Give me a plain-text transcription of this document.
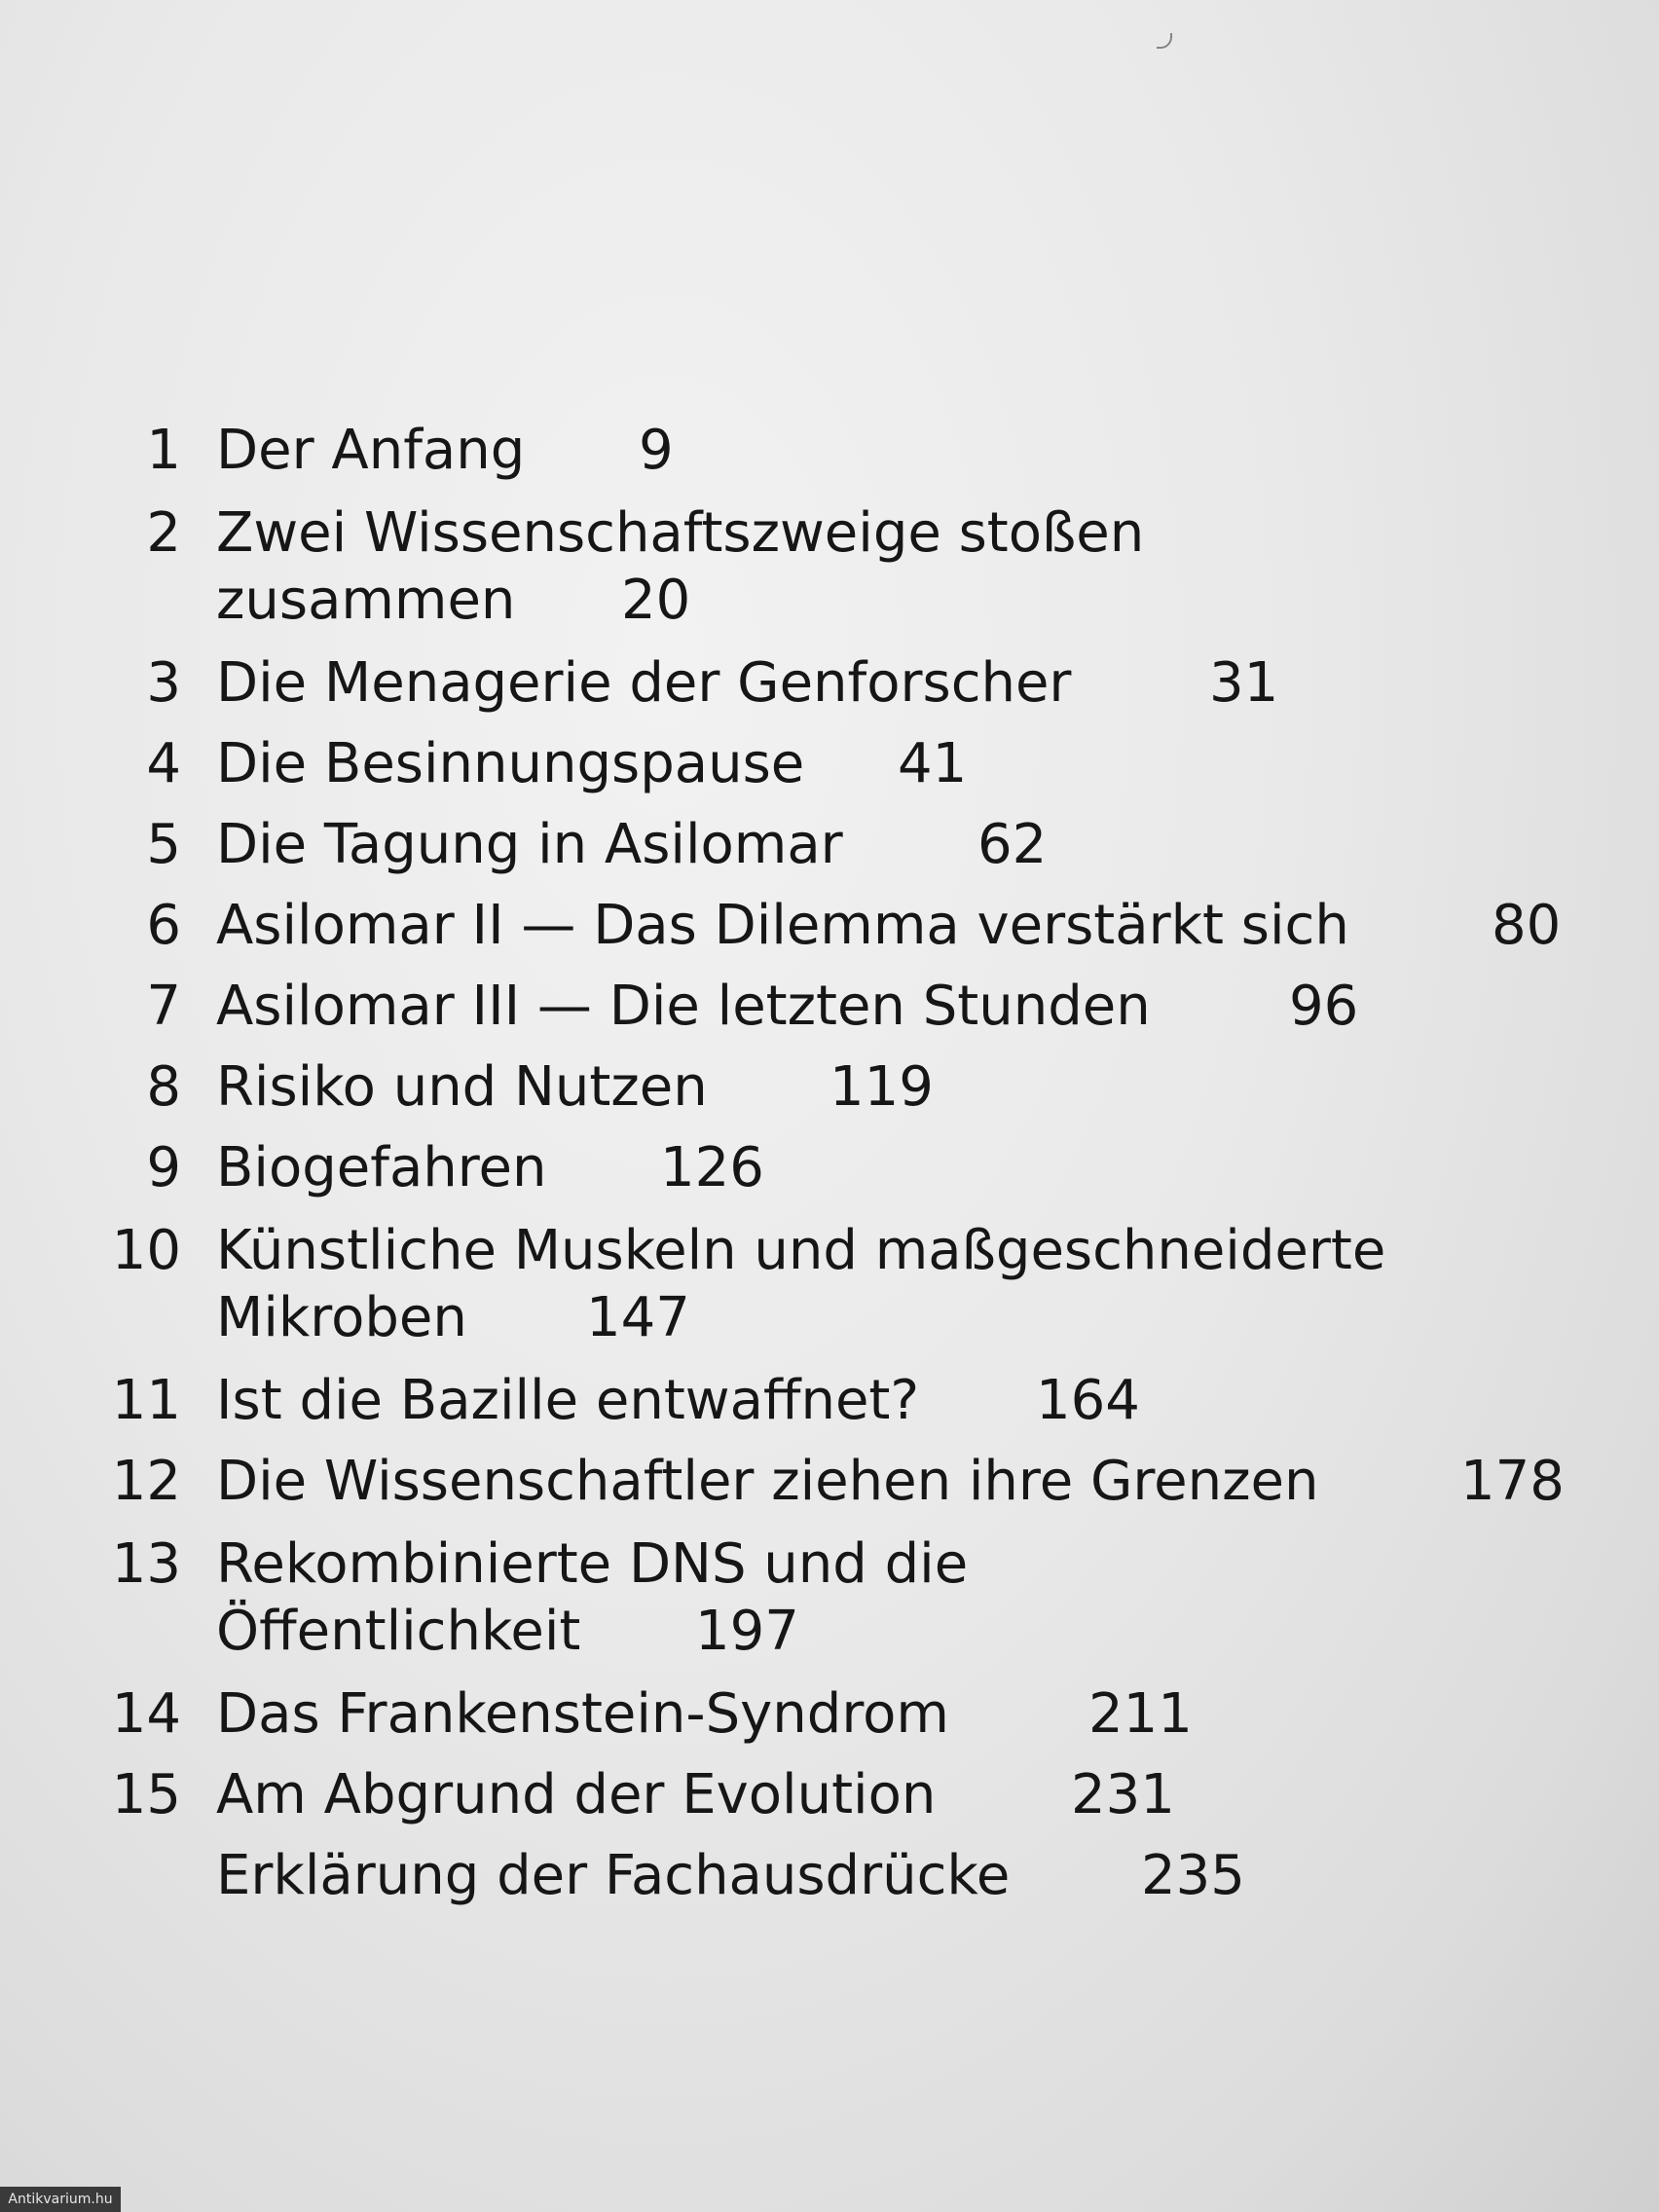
1 Der Anfang 9
2 Zwei Wissenschaftszweige stoßen
zusammen 20
3 Die Menagerie der Genforscher	31
4 Die Besinnungspause 41
5 Die Tagung in Asilomar 62
6 Asilomar II — Das Dilemma verstärkt sich	80
7 Asilomar III — Die letzten Stunden	96
8 Risiko und Nutzen 119
9 Biogefahren 126
10 Künstliche Muskeln und maßgeschneiderte
Mikroben 147
11 Ist die Bazille entwaffnet? 164
12 Die Wissenschaftler ziehen ihre Grenzen	178
13 Rekombinierte DNS und die
Öffentlichkeit 197
14 Das Frankenstein-Syndrom	211
15 Am Abgrund der Evolution 231
Erklärung der Fachausdrücke 235
Antikvarium.hu
